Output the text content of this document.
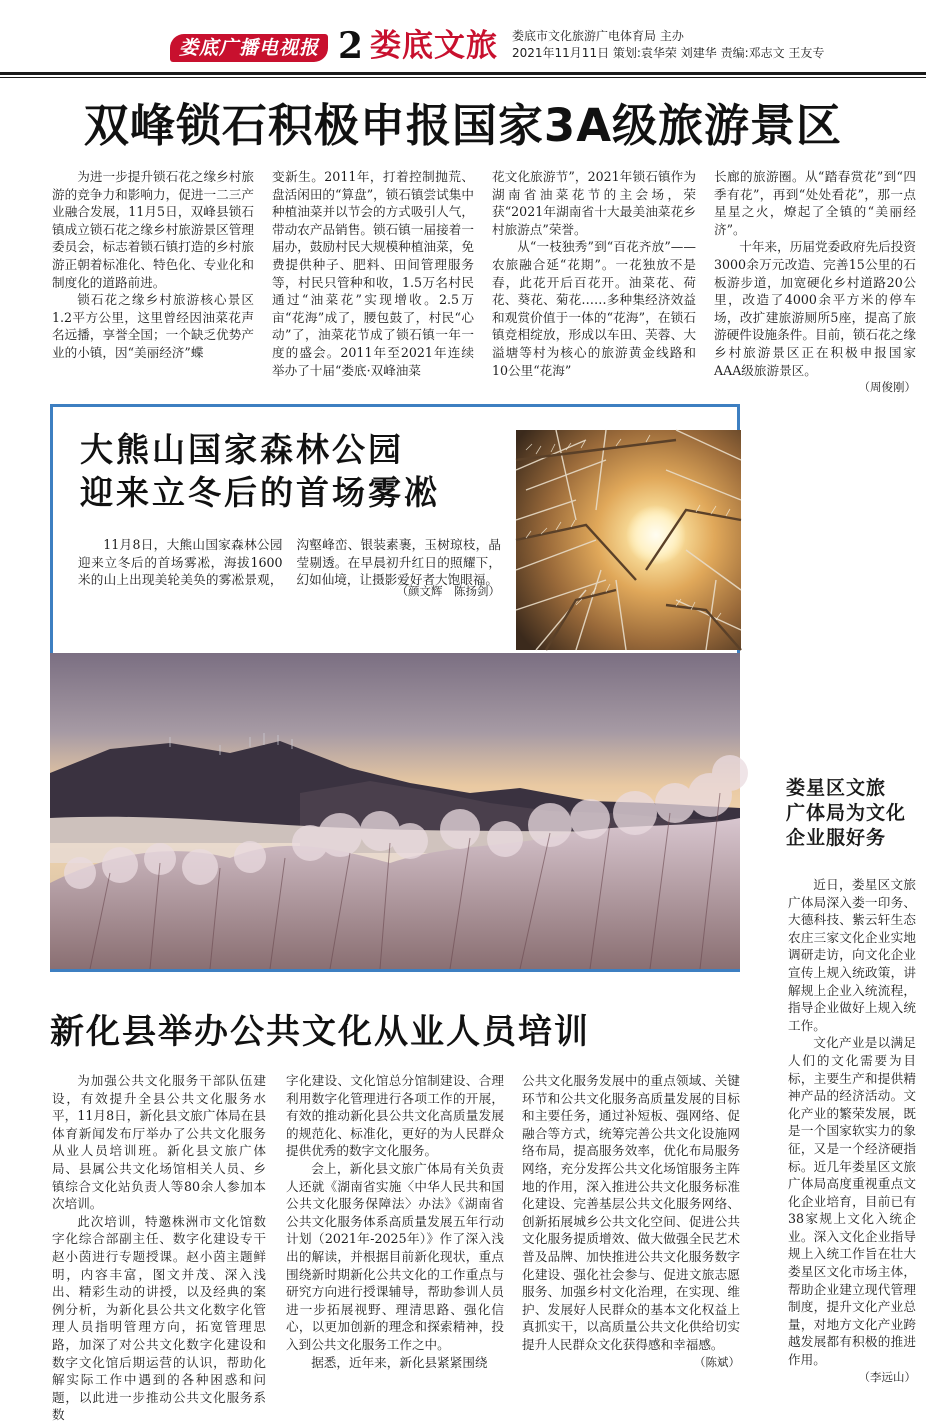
娄底广播电视报 2 娄底文旅 娄底市文化旅游广电体育局 主办
2021年11月11日 策划:袁华荣 刘建华 责编:邓志文 王友专
双峰锁石积极申报国家3A级旅游景区

为进一步提升锁石花之缘乡村旅游的竞争力和影响力，促进一二三产业融合发展，11月5日，双峰县锁石镇成立锁石花之缘乡村旅游景区管理委员会，标志着锁石镇打造的乡村旅游正朝着标准化、特色化、专业化和制度化的道路前进。

锁石花之缘乡村旅游核心景区1.2平方公里，这里曾经因油菜花声名远播，享誉全国；一个缺乏优势产业的小镇，因“美丽经济”蝶

变新生。2011年，打着控制抛荒、盘活闲田的“算盘”，锁石镇尝试集中种植油菜并以节会的方式吸引人气，带动农产品销售。锁石镇一届接着一届办，鼓励村民大规模种植油菜，免费提供种子、肥料、田间管理服务等，村民只管种和收，1.5万名村民通过“油菜花”实现增收。2.5万亩“花海”成了，腰包鼓了，村民“心动”了，油菜花节成了锁石镇一年一度的盛会。2011年至2021年连续举办了十届“娄底·双峰油菜

花文化旅游节”，2021年锁石镇作为湖南省油菜花节的主会场，荣获“2021年湖南省十大最美油菜花乡村旅游点”荣誉。

从“一枝独秀”到“百花齐放”——农旅融合延“花期”。一花独放不是春，此花开后百花开。油菜花、荷花、葵花、菊花……多种集经济效益和观赏价值于一体的“花海”，在锁石镇竞相绽放，形成以车田、芙蓉、大溢塘等村为核心的旅游黄金线路和10公里“花海”

长廊的旅游圈。从“踏春赏花”到“四季有花”，再到“处处看花”，那一点星星之火，燎起了全镇的“美丽经济”。

十年来，历届党委政府先后投资3000余万元改造、完善15公里的石板游步道，加宽硬化乡村道路20公里，改造了4000余平方米的停车场，改扩建旅游厕所5座，提高了旅游硬件设施条件。目前，锁石花之缘乡村旅游景区正在积极申报国家AAA级旅游景区。

（周俊刚）
大熊山国家森林公园
迎来立冬后的首场雾凇

11月8日，大熊山国家森林公园迎来立冬后的首场雾凇，海拔1600米的山上出现美轮美奂的雾凇景观，沟壑峰峦、银装素裹，玉树琼枝，晶莹剔透。在早晨初升红日的照耀下，幻如仙境，让摄影爱好者大饱眼福。

（颜文辉　陈扬剑）
娄星区文旅
广体局为文化
企业服好务

近日，娄星区文旅广体局深入娄一印务、大德科技、紫云轩生态农庄三家文化企业实地调研走访，向文化企业宣传上规入统政策，讲解规上企业入统流程，指导企业做好上规入统工作。

文化产业是以满足人们的文化需要为目标，主要生产和提供精神产品的经济活动。文化产业的繁荣发展，既是一个国家软实力的象征，又是一个经济硬指标。近几年娄星区文旅广体局高度重视重点文化企业培育，目前已有38家规上文化入统企业。深入文化企业指导规上入统工作旨在壮大娄星区文化市场主体，帮助企业建立现代管理制度，提升文化产业总量，对地方文化产业跨越发展都有积极的推进作用。

（李远山）
新化县举办公共文化从业人员培训

为加强公共文化服务干部队伍建设，有效提升全县公共文化服务水平，11月8日，新化县文旅广体局在县体育新闻发布厅举办了公共文化服务从业人员培训班。新化县文旅广体局、县属公共文化场馆相关人员、乡镇综合文化站负责人等80余人参加本次培训。

此次培训，特邀株洲市文化馆数字化综合部副主任、数字化建设专干赵小茵进行专题授课。赵小茵主题鲜明，内容丰富，图文并茂、深入浅出、精彩生动的讲授，以及经典的案例分析，为新化县公共文化数字化管理人员指明管理方向，拓宽管理思路，加深了对公共文化数字化建设和数字文化馆后期运营的认识，帮助化解实际工作中遇到的各种困惑和问题，以此进一步推动公共文化服务系数

字化建设、文化馆总分馆制建设、合理利用数字化管理进行各项工作的开展，有效的推动新化县公共文化高质量发展的规范化、标准化，更好的为人民群众提供优秀的数字文化服务。

会上，新化县文旅广体局有关负责人还就《湖南省实施〈中华人民共和国公共文化服务保障法〉办法》《湖南省公共文化服务体系高质量发展五年行动计划（2021年-2025年）》作了深入浅出的解读，并根据目前新化现状，重点围绕新时期新化公共文化的工作重点与研究方向进行授课辅导，帮助参训人员进一步拓展视野、理清思路、强化信心，以更加创新的理念和探索精神，投入到公共文化服务工作之中。

据悉，近年来，新化县紧紧围绕

公共文化服务发展中的重点领域、关键环节和公共文化服务高质量发展的目标和主要任务，通过补短板、强网络、促融合等方式，统筹完善公共文化设施网络布局，提高服务效率，优化布局服务网络，充分发挥公共文化场馆服务主阵地的作用，深入推进公共文化服务标准化建设、完善基层公共文化服务网络、创新拓展城乡公共文化空间、促进公共文化服务提质增效、做大做强全民艺术普及品牌、加快推进公共文化服务数字化建设、强化社会参与、促进文旅志愿服务、加强乡村文化治理，在实现、维护、发展好人民群众的基本文化权益上真抓实干，以高质量公共文化供给切实提升人民群众文化获得感和幸福感。

（陈斌）
